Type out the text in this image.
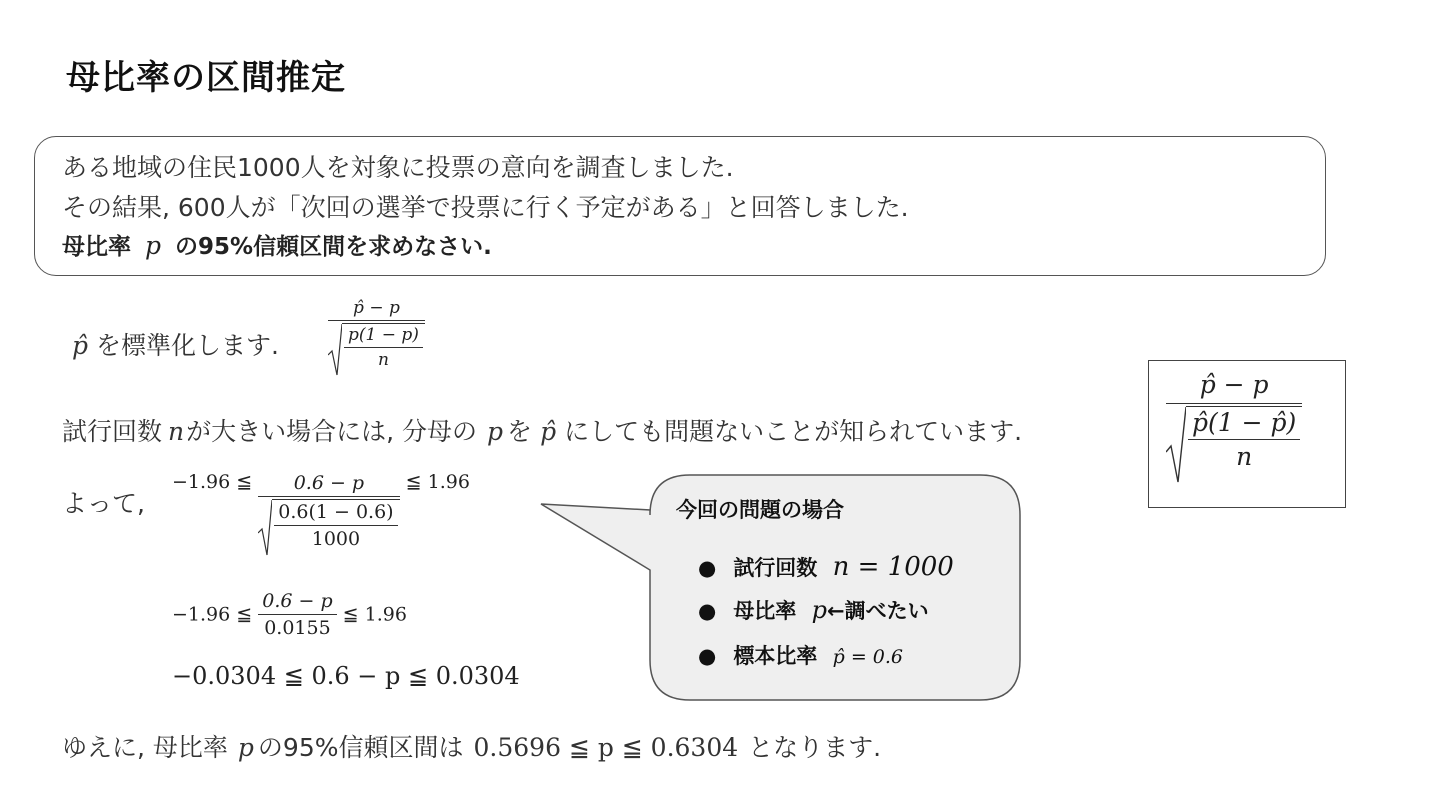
母比率の区間推定
ある地域の住民1000人を対象に投票の意向を調査しました.
その結果, 600人が「次回の選挙で投票に行く予定がある」と回答しました.
母比率 p の95%信頼区間を求めなさい.
p̂ を標準化します.	$\frac{p̂ - p}{\frac{p(1 - p)}{n}}$
試行回数 nが大きい場合には, 分母の p を p̂ にしても問題ないことが知られています.	$\frac{p̂ - p}{\frac{p̂(1 - p̂)}{n}}$
よって,
−1.96 ≦ $\frac{0.6 - p}{\frac{0.6(1 - 0.6)}{1000}}$ ≦ 1.96
−1.96 ≦ $\frac{0.6 - p}{0.0155}$ ≦ 1.96
−0.0304 ≦ 0.6 − p ≦ 0.0304
今回の問題の場合
● 試行回数 n = 1000
● 母比率 p←調べたい
● 標本比率 p̂ = 0.6
ゆえに, 母比率 p の95%信頼区間は 0.5696 ≦ p ≦ 0.6304 となります.
